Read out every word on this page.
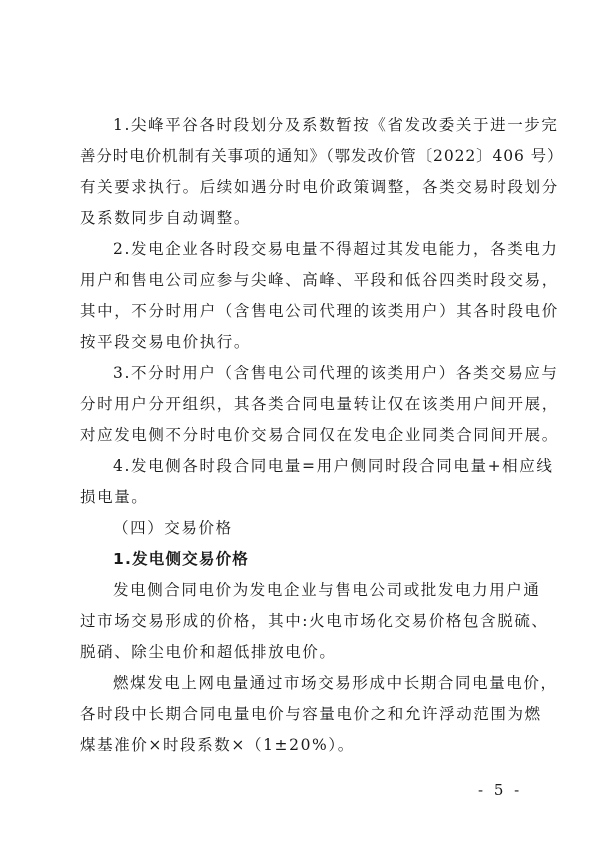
1.尖峰平谷各时段划分及系数暂按《省发改委关于进一步完
善分时电价机制有关事项的通知》（鄂发改价管〔2022〕406 号）
有关要求执行。后续如遇分时电价政策调整，各类交易时段划分
及系数同步自动调整。
2.发电企业各时段交易电量不得超过其发电能力，各类电力
用户和售电公司应参与尖峰、高峰、平段和低谷四类时段交易，
其中，不分时用户（含售电公司代理的该类用户）其各时段电价
按平段交易电价执行。
3.不分时用户（含售电公司代理的该类用户）各类交易应与
分时用户分开组织，其各类合同电量转让仅在该类用户间开展，
对应发电侧不分时电价交易合同仅在发电企业同类合同间开展。
4.发电侧各时段合同电量=用户侧同时段合同电量+相应线
损电量。
（四）交易价格
1.发电侧交易价格
发电侧合同电价为发电企业与售电公司或批发电力用户通
过市场交易形成的价格，其中:火电市场化交易价格包含脱硫、
脱硝、除尘电价和超低排放电价。
- 5 -
燃煤发电上网电量通过市场交易形成中长期合同电量电价，
各时段中长期合同电量电价与容量电价之和允许浮动范围为燃
煤基准价×时段系数×（1±20%）。
